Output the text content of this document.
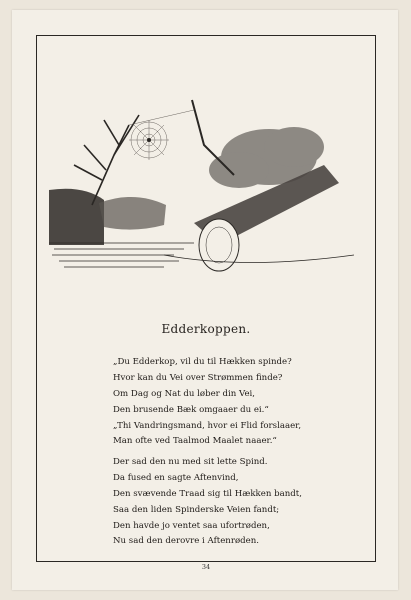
Edderkoppen.
„Du Edderkop, vil du til Hækken spinde?
Hvor kan du Vei over Strømmen finde?
Om Dag og Nat du løber din Vei,
Den brusende Bæk omgaaer du ei.“
„Thi Vandringsmand, hvor ei Flid forslaaer,
Man ofte ved Taalmod Maalet naaer.“
Der sad den nu med sit lette Spind.
Da fused en sagte Aftenvind,
Den svævende Traad sig til Hækken bandt,
Saa den liden Spinderske Veien fandt;
Den havde jo ventet saa ufortrøden,
Nu sad den derovre i Aftenrøden.
34
